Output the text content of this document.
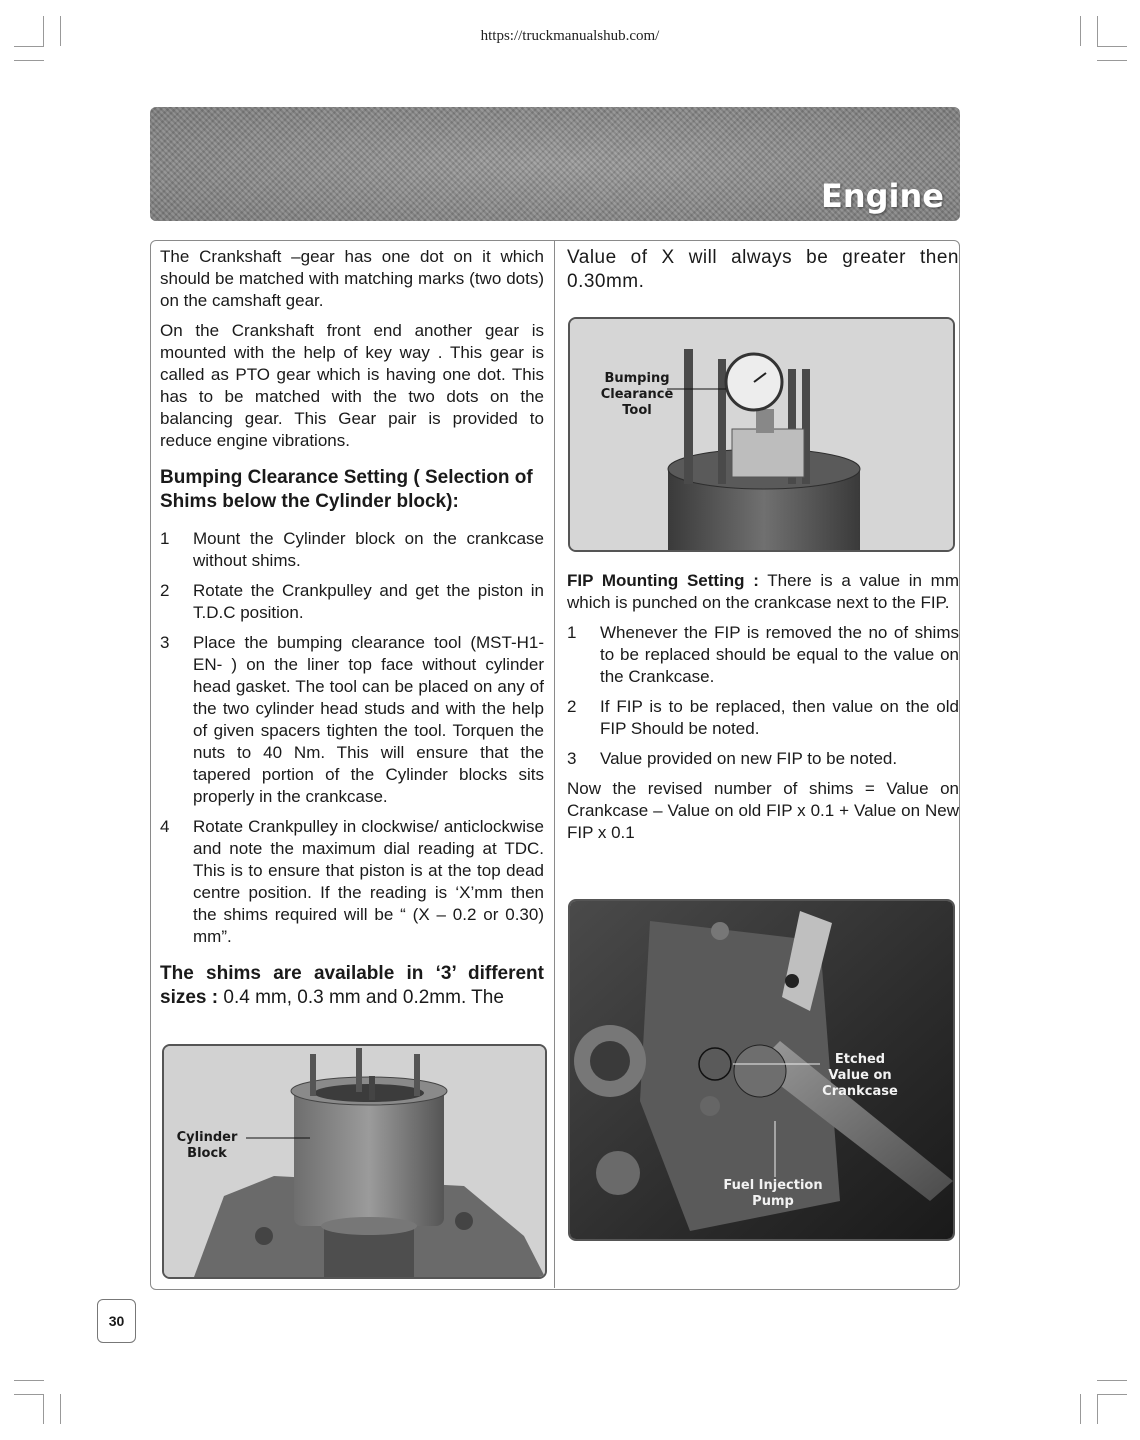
https://truckmanualshub.com/
Engine

The Crankshaft –gear has one dot on it which should be matched with matching marks (two dots) on the camshaft gear.

On the Crankshaft front end another gear is mounted with the help of key way . This gear is called as PTO gear which is having one dot. This has to be matched with the two dots on the balancing gear. This Gear pair is provided to reduce engine vibrations.

Bumping Clearance Setting ( Selection of Shims below the Cylinder block):
1	Mount the Cylinder block on the crankcase without shims.
2	Rotate the Crankpulley and get the piston in T.D.C position.
3	Place the bumping clearance tool (MST-H1-EN- ) on the liner top face without cylinder head gasket. The tool can be placed on any of the two cylinder head studs and with the help of given spacers tighten the tool. Torquen the nuts to 40 Nm. This will ensure that the tapered portion of the Cylinder blocks sits properly in the crankcase.
4	Rotate Crankpulley in clockwise/ anticlockwise and note the maximum dial reading at TDC. This is to ensure that piston is at the top dead centre position. If the reading is ‘X’mm then the shims required will be “ (X – 0.2 or 0.30) mm”.
The shims are available in ‘3’ different sizes : 0.4 mm, 0.3 mm and 0.2mm. The
Cylinder Block
Value of X will always be greater then 0.30mm.
Bumping Clearance Tool

FIP Mounting Setting : There is a value in mm which is punched on the crankcase next to the FIP.

1	Whenever the FIP is removed the no of shims to be replaced should be equal to the value on the Crankcase.
2	If FIP is to be replaced, then value on the old FIP Should be noted.
3	Value provided on new FIP to be noted.

Now the revised number of shims = Value on Crankcase – Value on old FIP x 0.1 + Value on New FIP x 0.1

Etched Value on Crankcase
Fuel Injection Pump
30
